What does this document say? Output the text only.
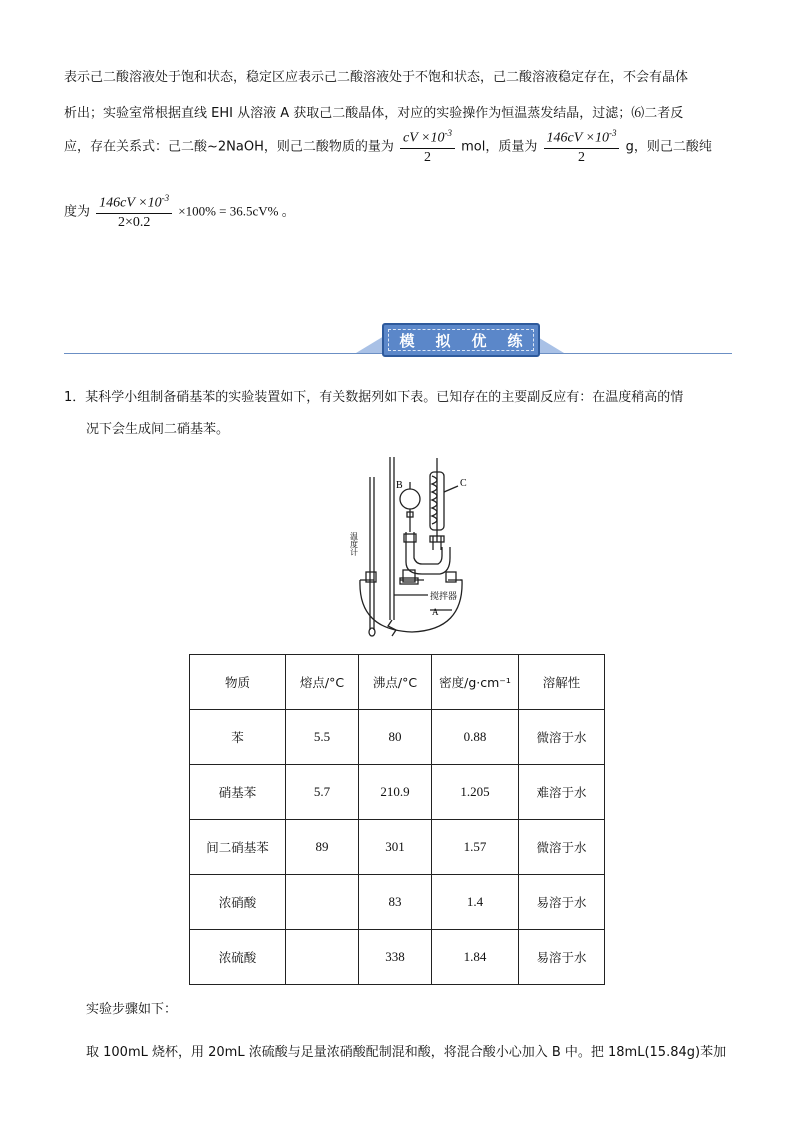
表示己二酸溶液处于饱和状态，稳定区应表示己二酸溶液处于不饱和状态，己二酸溶液稳定存在，不会有晶体
析出；实验室常根据直线 EHI 从溶液 A 获取己二酸晶体，对应的实验操作为恒温蒸发结晶，过滤；⑹二者反
应，存在关系式：己二酸~2NaOH，则己二酸物质的量为 $\frac{cV \times 10^{-3}}{2}$ mol，质量为 $\frac{146cV \times 10^{-3}}{2}$ g，则己二酸纯
度为 $\frac{146cV \times 10^{-3}}{2\times 0.2} \times 100\% = 36.5cV\%$ 。
模 拟 优 练
1．某科学小组制备硝基苯的实验装置如下，有关数据列如下表。已知存在的主要副反应有：在温度稍高的情
况下会生成间二硝基苯。
C
B
搅拌器
A
温度计
物质	熔点/°C	沸点/°C	密度/g·cm⁻¹	溶解性
苯	5.5	80	0.88	微溶于水
硝基苯	5.7	210.9	1.205	难溶于水
间二硝基苯	89	301	1.57	微溶于水
浓硝酸		83	1.4	易溶于水
浓硫酸		338	1.84	易溶于水
实验步骤如下：
取 100mL 烧杯，用 20mL 浓硫酸与足量浓硝酸配制混和酸，将混合酸小心加入 B 中。把 18mL(15.84g)苯加
